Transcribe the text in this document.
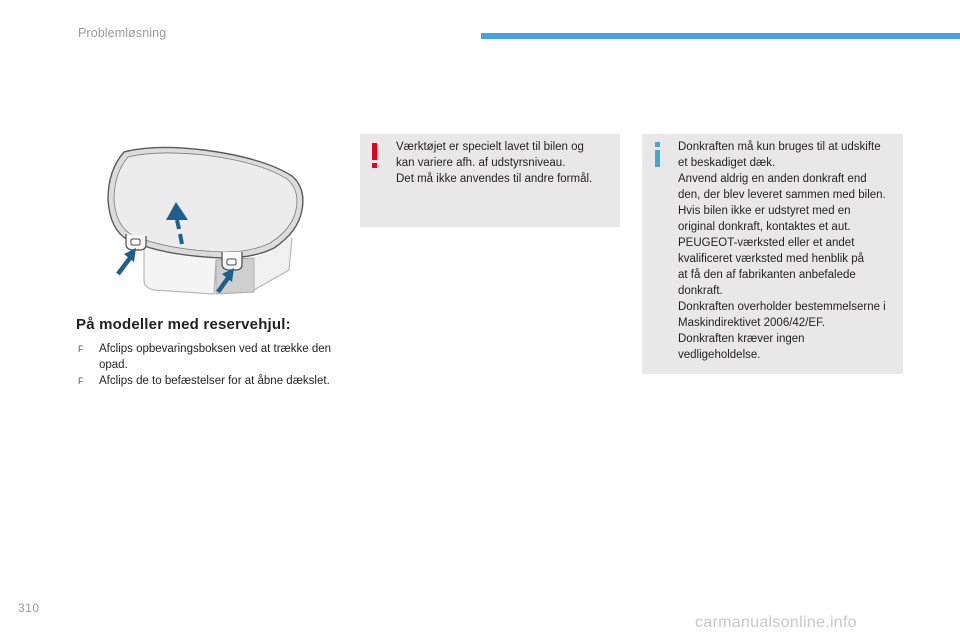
Problemløsning
På modeller med reservehjul:
F Afclips opbevaringsboksen ved at trække den opad.
F Afclips de to befæstelser for at åbne dækslet.
Værktøjet er specielt lavet til bilen og
kan variere afh. af udstyrsniveau.
Det må ikke anvendes til andre formål.
Donkraften må kun bruges til at udskifte
et beskadiget dæk.
Anvend aldrig en anden donkraft end
den, der blev leveret sammen med bilen.
Hvis bilen ikke er udstyret med en
original donkraft, kontaktes et aut.
PEUGEOT-værksted eller et andet
kvalificeret værksted med henblik på
at få den af fabrikanten anbefalede
donkraft.
Donkraften overholder bestemmelserne i
Maskindirektivet 2006/42/EF.
Donkraften kræver ingen
vedligeholdelse.
310
carmanualsonline.info
